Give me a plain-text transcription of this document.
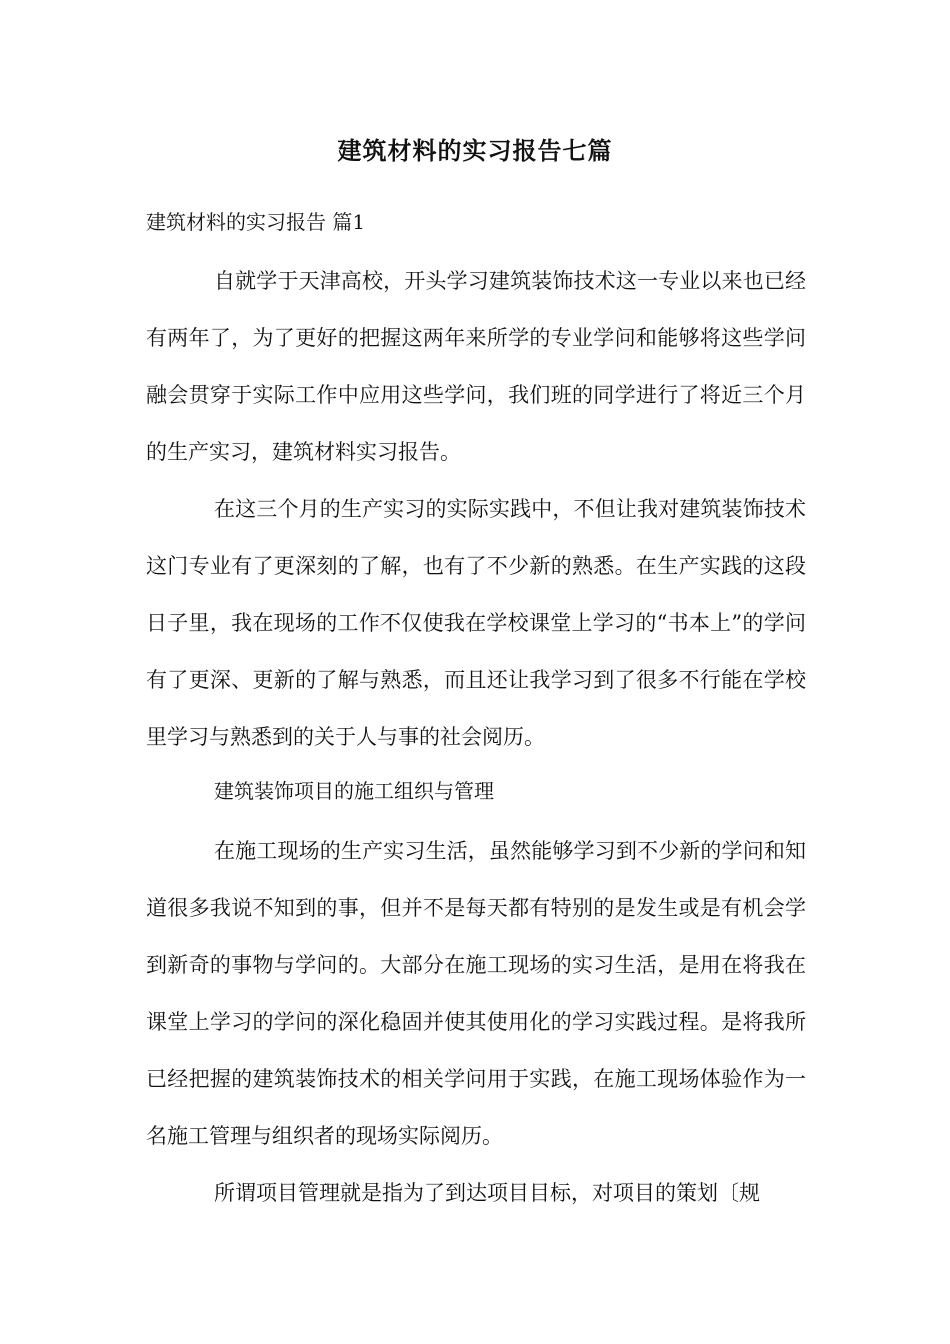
建筑材料的实习报告七篇
建筑材料的实习报告 篇1

自就学于天津高校，开头学习建筑装饰技术这一专业以来也已经有两年了，为了更好的把握这两年来所学的专业学问和能够将这些学问融会贯穿于实际工作中应用这些学问，我们班的同学进行了将近三个月的生产实习，建筑材料实习报告。

在这三个月的生产实习的实际实践中，不但让我对建筑装饰技术这门专业有了更深刻的了解，也有了不少新的熟悉。在生产实践的这段日子里，我在现场的工作不仅使我在学校课堂上学习的“书本上”的学问有了更深、更新的了解与熟悉，而且还让我学习到了很多不行能在学校里学习与熟悉到的关于人与事的社会阅历。

建筑装饰项目的施工组织与管理

在施工现场的生产实习生活，虽然能够学习到不少新的学问和知道很多我说不知到的事，但并不是每天都有特别的是发生或是有机会学到新奇的事物与学问的。大部分在施工现场的实习生活，是用在将我在课堂上学习的学问的深化稳固并使其使用化的学习实践过程。是将我所已经把握的建筑装饰技术的相关学问用于实践，在施工现场体验作为一名施工管理与组织者的现场实际阅历。

所谓项目管理就是指为了到达项目目标，对项目的策划〔规
